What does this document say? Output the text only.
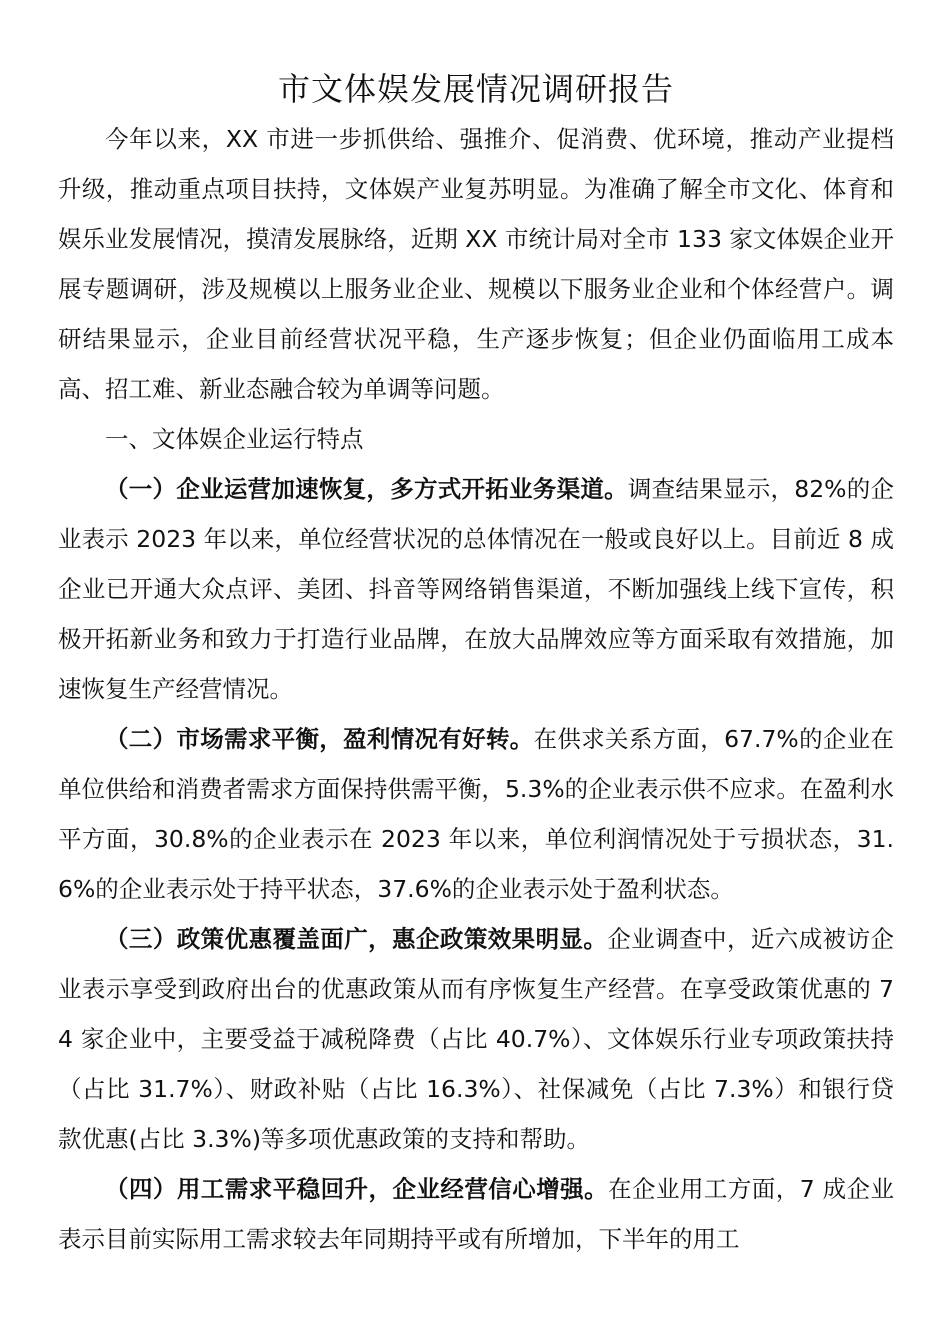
市文体娱发展情况调研报告

今年以来，XX 市进一步抓供给、强推介、促消费、优环境，推动产业提档升级，推动重点项目扶持，文体娱产业复苏明显。为准确了解全市文化、体育和娱乐业发展情况，摸清发展脉络，近期 XX 市统计局对全市 133 家文体娱企业开展专题调研，涉及规模以上服务业企业、规模以下服务业企业和个体经营户。调研结果显示，企业目前经营状况平稳，生产逐步恢复；但企业仍面临用工成本高、招工难、新业态融合较为单调等问题。

一、文体娱企业运行特点

（一）企业运营加速恢复，多方式开拓业务渠道。调查结果显示，82%的企业表示 2023 年以来，单位经营状况的总体情况在一般或良好以上。目前近 8 成企业已开通大众点评、美团、抖音等网络销售渠道，不断加强线上线下宣传，积极开拓新业务和致力于打造行业品牌，在放大品牌效应等方面采取有效措施，加速恢复生产经营情况。

（二）市场需求平衡，盈利情况有好转。在供求关系方面，67.7%的企业在单位供给和消费者需求方面保持供需平衡，5.3%的企业表示供不应求。在盈利水平方面，30.8%的企业表示在 2023 年以来，单位利润情况处于亏损状态，31.6%的企业表示处于持平状态，37.6%的企业表示处于盈利状态。

（三）政策优惠覆盖面广，惠企政策效果明显。企业调查中，近六成被访企业表示享受到政府出台的优惠政策从而有序恢复生产经营。在享受政策优惠的 74 家企业中，主要受益于减税降费（占比 40.7%）、文体娱乐行业专项政策扶持（占比 31.7%）、财政补贴（占比 16.3%）、社保减免（占比 7.3%）和银行贷款优惠(占比 3.3%)等多项优惠政策的支持和帮助。

（四）用工需求平稳回升，企业经营信心增强。在企业用工方面，7 成企业表示目前实际用工需求较去年同期持平或有所增加，下半年的用工
